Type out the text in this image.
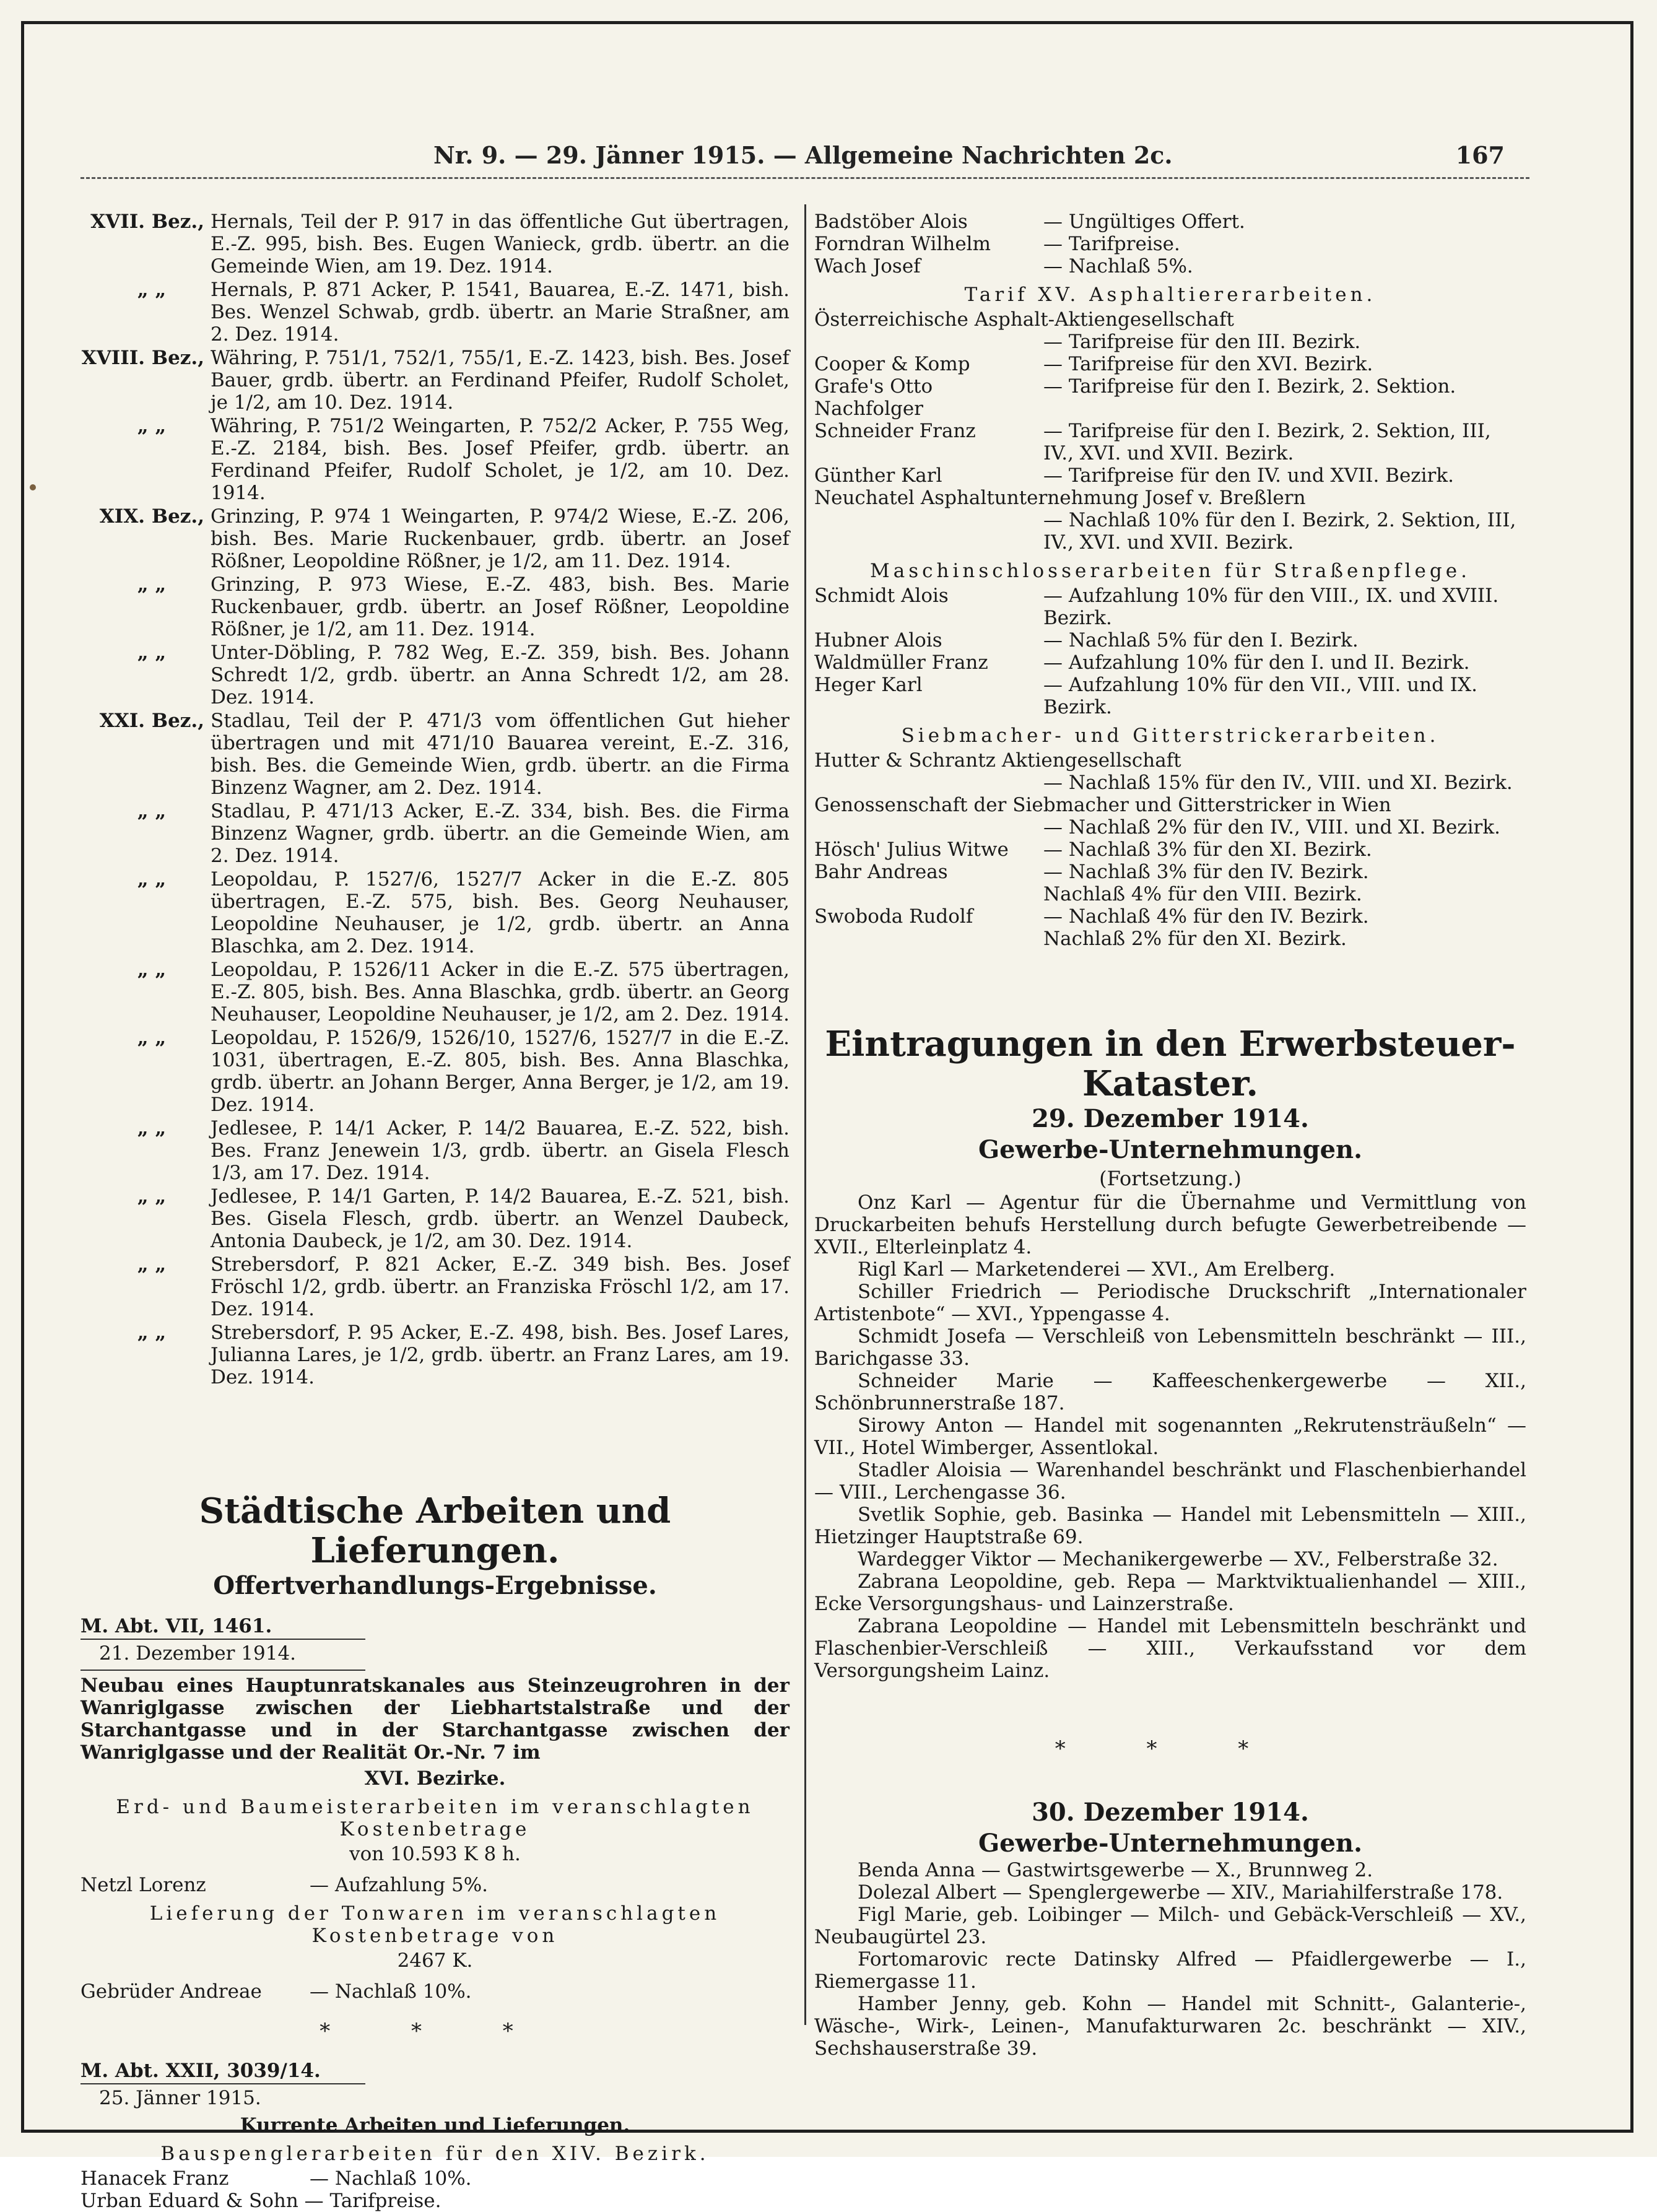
Nr. 9. — 29. Jänner 1915. — Allgemeine Nachrichten 2c.	167
XVII. Bez., Hernals, Teil der P. 917 in das öffentliche Gut übertragen, E.-Z. 995, bish. Bes. Eugen Wanieck, grdb. übertr. an die Gemeinde Wien, am 19. Dez. 1914.
„ „	Hernals, P. 871 Acker, P. 1541, Bauarea, E.-Z. 1471, bish. Bes. Wenzel Schwab, grdb. übertr. an Marie Straßner, am 2. Dez. 1914.
XVIII. Bez., Währing, P. 751/1, 752/1, 755/1, E.-Z. 1423, bish. Bes. Josef Bauer, grdb. übertr. an Ferdinand Pfeifer, Rudolf Scholet, je 1/2, am 10. Dez. 1914.
„ „	Währing, P. 751/2 Weingarten, P. 752/2 Acker, P. 755 Weg, E.-Z. 2184, bish. Bes. Josef Pfeifer, grdb. übertr. an Ferdinand Pfeifer, Rudolf Scholet, je 1/2, am 10. Dez. 1914.
XIX. Bez., Grinzing, P. 974 1 Weingarten, P. 974/2 Wiese, E.-Z. 206, bish. Bes. Marie Ruckenbauer, grdb. übertr. an Josef Rößner, Leopoldine Rößner, je 1/2, am 11. Dez. 1914.
„ „	Grinzing, P. 973 Wiese, E.-Z. 483, bish. Bes. Marie Ruckenbauer, grdb. übertr. an Josef Rößner, Leopoldine Rößner, je 1/2, am 11. Dez. 1914.
„ „	Unter-Döbling, P. 782 Weg, E.-Z. 359, bish. Bes. Johann Schredt 1/2, grdb. übertr. an Anna Schredt 1/2, am 28. Dez. 1914.
XXI. Bez., Stadlau, Teil der P. 471/3 vom öffentlichen Gut hieher übertragen und mit 471/10 Bauarea vereint, E.-Z. 316, bish. Bes. die Gemeinde Wien, grdb. übertr. an die Firma Binzenz Wagner, am 2. Dez. 1914.
„ „	Stadlau, P. 471/13 Acker, E.-Z. 334, bish. Bes. die Firma Binzenz Wagner, grdb. übertr. an die Gemeinde Wien, am 2. Dez. 1914.
„ „	Leopoldau, P. 1527/6, 1527/7 Acker in die E.-Z. 805 übertragen, E.-Z. 575, bish. Bes. Georg Neuhauser, Leopoldine Neuhauser, je 1/2, grdb. übertr. an Anna Blaschka, am 2. Dez. 1914.
„ „	Leopoldau, P. 1526/11 Acker in die E.-Z. 575 übertragen, E.-Z. 805, bish. Bes. Anna Blaschka, grdb. übertr. an Georg Neuhauser, Leopoldine Neuhauser, je 1/2, am 2. Dez. 1914.
„ „	Leopoldau, P. 1526/9, 1526/10, 1527/6, 1527/7 in die E.-Z. 1031, übertragen, E.-Z. 805, bish. Bes. Anna Blaschka, grdb. übertr. an Johann Berger, Anna Berger, je 1/2, am 19. Dez. 1914.
„ „	Jedlesee, P. 14/1 Acker, P. 14/2 Bauarea, E.-Z. 522, bish. Bes. Franz Jenewein 1/3, grdb. übertr. an Gisela Flesch 1/3, am 17. Dez. 1914.
„ „	Jedlesee, P. 14/1 Garten, P. 14/2 Bauarea, E.-Z. 521, bish. Bes. Gisela Flesch, grdb. übertr. an Wenzel Daubeck, Antonia Daubeck, je 1/2, am 30. Dez. 1914.
„ „	Strebersdorf, P. 821 Acker, E.-Z. 349 bish. Bes. Josef Fröschl 1/2, grdb. übertr. an Franziska Fröschl 1/2, am 17. Dez. 1914.
„ „	Strebersdorf, P. 95 Acker, E.-Z. 498, bish. Bes. Josef Lares, Julianna Lares, je 1/2, grdb. übertr. an Franz Lares, am 19. Dez. 1914.
Städtische Arbeiten und Lieferungen.
Offertverhandlungs-Ergebnisse.
M. Abt. VII, 1461.
21. Dezember 1914.
Neubau eines Hauptunratskanales aus Steinzeugrohren in der Wanriglgasse zwischen der Liebhartstalstraße und der Starchantgasse und in der Starchantgasse zwischen der Wanriglgasse und der Realität Or.-Nr. 7 im
XVI. Bezirke.
Erd- und Baumeisterarbeiten im veranschlagten Kostenbetrage
von 10.593 K 8 h.
Netzl Lorenz	— Aufzahlung 5%.
Lieferung der Tonwaren im veranschlagten Kostenbetrage von
2467 K.
Gebrüder Andreae	— Nachlaß 10%.
* * *
M. Abt. XXII, 3039/14.
25. Jänner 1915.
Kurrente Arbeiten und Lieferungen.
Bauspenglerarbeiten für den XIV. Bezirk.
Hanacek Franz	— Nachlaß 10%.
Urban Eduard & Sohn — Tarifpreise.
Badstöber Alois	— Ungültiges Offert.
Forndran Wilhelm	— Tarifpreise.
Wach Josef	— Nachlaß 5%.
Tarif XV. Asphaltiererarbeiten.
Österreichische Asphalt-Aktiengesellschaft
— Tarifpreise für den III. Bezirk.
Cooper & Komp	— Tarifpreise für den XVI. Bezirk.
Grafe's Otto Nachfolger
— Tarifpreise für den I. Bezirk, 2. Sektion.
Schneider Franz	— Tarifpreise für den I. Bezirk, 2. Sektion, III, IV., XVI. und XVII. Bezirk.
Günther Karl	— Tarifpreise für den IV. und XVII. Bezirk.
Neuchatel Asphaltunternehmung Josef v. Breßlern
— Nachlaß 10% für den I. Bezirk, 2. Sektion, III, IV., XVI. und XVII. Bezirk.
Maschinschlosserarbeiten für Straßenpflege.
Schmidt Alois	— Aufzahlung 10% für den VIII., IX. und XVIII. Bezirk.
Hubner Alois	— Nachlaß 5% für den I. Bezirk.
Waldmüller Franz	— Aufzahlung 10% für den I. und II. Bezirk.
Heger Karl	— Aufzahlung 10% für den VII., VIII. und IX. Bezirk.
Siebmacher- und Gitterstrickerarbeiten.
Hutter & Schrantz Aktiengesellschaft
— Nachlaß 15% für den IV., VIII. und XI. Bezirk.
Genossenschaft der Siebmacher und Gitterstricker in Wien
— Nachlaß 2% für den IV., VIII. und XI. Bezirk.
Hösch' Julius Witwe	— Nachlaß 3% für den XI. Bezirk.
Bahr Andreas	— Nachlaß 3% für den IV. Bezirk.
Nachlaß 4% für den VIII. Bezirk.
Swoboda Rudolf	— Nachlaß 4% für den IV. Bezirk.
Nachlaß 2% für den XI. Bezirk.
Eintragungen in den Erwerbsteuer-Kataster.
29. Dezember 1914.
Gewerbe-Unternehmungen.
(Fortsetzung.)
Onz Karl — Agentur für die Übernahme und Vermittlung von Druckarbeiten behufs Herstellung durch befugte Gewerbetreibende — XVII., Elterleinplatz 4.
Rigl Karl — Marketenderei — XVI., Am Erelberg.
Schiller Friedrich — Periodische Druckschrift „Internationaler Artistenbote“ — XVI., Yppengasse 4.
Schmidt Josefa — Verschleiß von Lebensmitteln beschränkt — III., Barichgasse 33.
Schneider Marie — Kaffeeschenkergewerbe — XII., Schönbrunnerstraße 187.
Sirowy Anton — Handel mit sogenannten „Rekrutensträußeln“ — VII., Hotel Wimberger, Assentlokal.
Stadler Aloisia — Warenhandel beschränkt und Flaschenbierhandel — VIII., Lerchengasse 36.
Svetlik Sophie, geb. Basinka — Handel mit Lebensmitteln — XIII., Hietzinger Hauptstraße 69.
Wardegger Viktor — Mechanikergewerbe — XV., Felberstraße 32.
Zabrana Leopoldine, geb. Repa — Marktviktualienhandel — XIII., Ecke Versorgungshaus- und Lainzerstraße.
Zabrana Leopoldine — Handel mit Lebensmitteln beschränkt und Flaschenbier-Verschleiß — XIII., Verkaufsstand vor dem Versorgungsheim Lainz.
* * *
30. Dezember 1914.
Gewerbe-Unternehmungen.
Benda Anna — Gastwirtsgewerbe — X., Brunnweg 2.
Dolezal Albert — Spenglergewerbe — XIV., Mariahilferstraße 178.
Figl Marie, geb. Loibinger — Milch- und Gebäck-Verschleiß — XV., Neubaugürtel 23.
Fortomarovic recte Datinsky Alfred — Pfaidlergewerbe — I., Riemergasse 11.
Hamber Jenny, geb. Kohn — Handel mit Schnitt-, Galanterie-, Wäsche-, Wirk-, Leinen-, Manufakturwaren 2c. beschränkt — XIV., Sechshauserstraße 39.
